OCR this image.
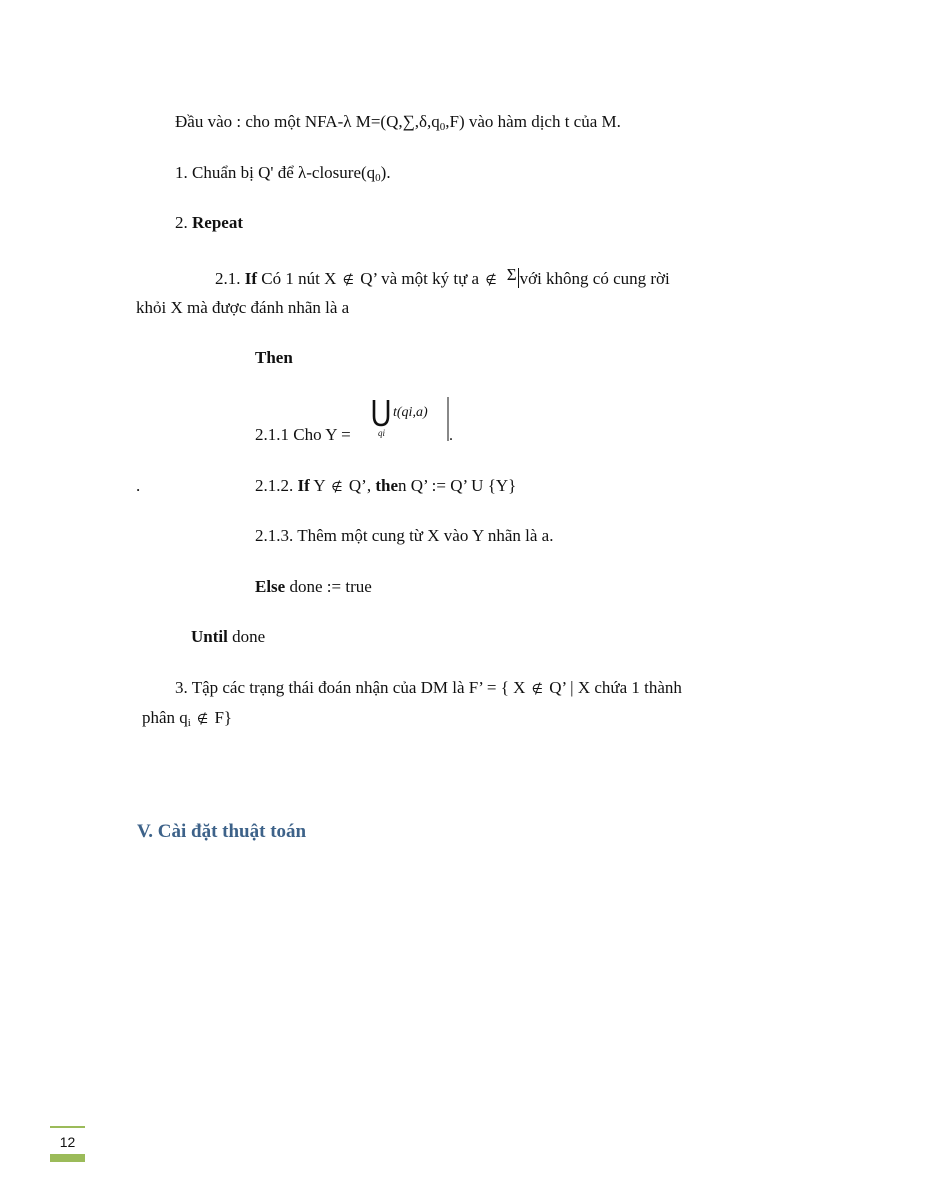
Đầu vào : cho một NFA-λ $M=(Q,\sum,\delta,q_0,F)$ vào hàm dịch t của M.
1. Chuẩn bị Q' để $\lambda-closure(q_0)$.
2. Repeat
2.1. If Có 1 nút X ∉ Q’ và một ký tự a ∉ Σ với không có cung rời
khỏi X mà được đánh nhãn là a
Then
2.1.1 Cho Y =
t(qi,a)
qi	.
.	2.1.2. If Y ∉ Q’, then Q’ := Q’ U {Y}
2.1.3. Thêm một cung từ X vào Y nhãn là a.
Else done := true
Until done
3. Tập các trạng thái đoán nhận của DM là F’ = { X ∉ Q’ | X chứa 1 thành
phân $q_i$ ∉ F}
V. Cài đặt thuật toán
12
